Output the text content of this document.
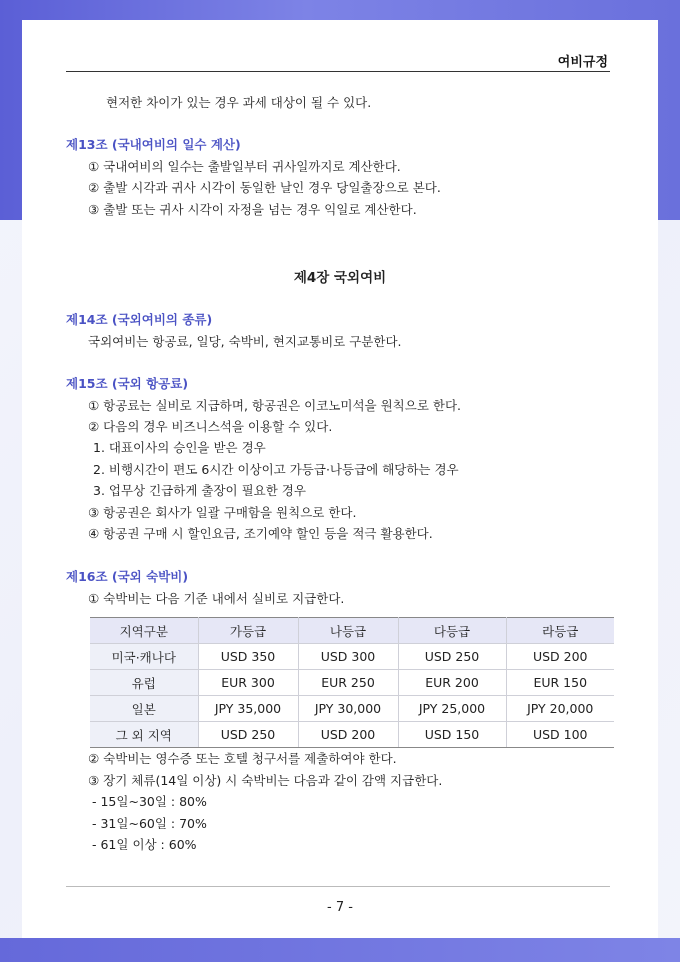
여비규정
현저한 차이가 있는 경우 과세 대상이 될 수 있다.
제13조 (국내여비의 일수 계산)
① 국내여비의 일수는 출발일부터 귀사일까지로 계산한다.
② 출발 시각과 귀사 시각이 동일한 날인 경우 당일출장으로 본다.
③ 출발 또는 귀사 시각이 자정을 넘는 경우 익일로 계산한다.
제4장 국외여비
제14조 (국외여비의 종류)
국외여비는 항공료, 일당, 숙박비, 현지교통비로 구분한다.
제15조 (국외 항공료)
① 항공료는 실비로 지급하며, 항공권은 이코노미석을 원칙으로 한다.
② 다음의 경우 비즈니스석을 이용할 수 있다.
1. 대표이사의 승인을 받은 경우
2. 비행시간이 편도 6시간 이상이고 가등급·나등급에 해당하는 경우
3. 업무상 긴급하게 출장이 필요한 경우
③ 항공권은 회사가 일괄 구매함을 원칙으로 한다.
④ 항공권 구매 시 할인요금, 조기예약 할인 등을 적극 활용한다.
제16조 (국외 숙박비)
① 숙박비는 다음 기준 내에서 실비로 지급한다.
지역구분	가등급	나등급	다등급	라등급
미국·캐나다	USD 350	USD 300	USD 250	USD 200
유럽	EUR 300	EUR 250	EUR 200	EUR 150
일본	JPY 35,000	JPY 30,000	JPY 25,000	JPY 20,000
그 외 지역	USD 250	USD 200	USD 150	USD 100
② 숙박비는 영수증 또는 호텔 청구서를 제출하여야 한다.
③ 장기 체류(14일 이상) 시 숙박비는 다음과 같이 감액 지급한다.
- 15일~30일 : 80%
- 31일~60일 : 70%
- 61일 이상 : 60%
- 7 -
